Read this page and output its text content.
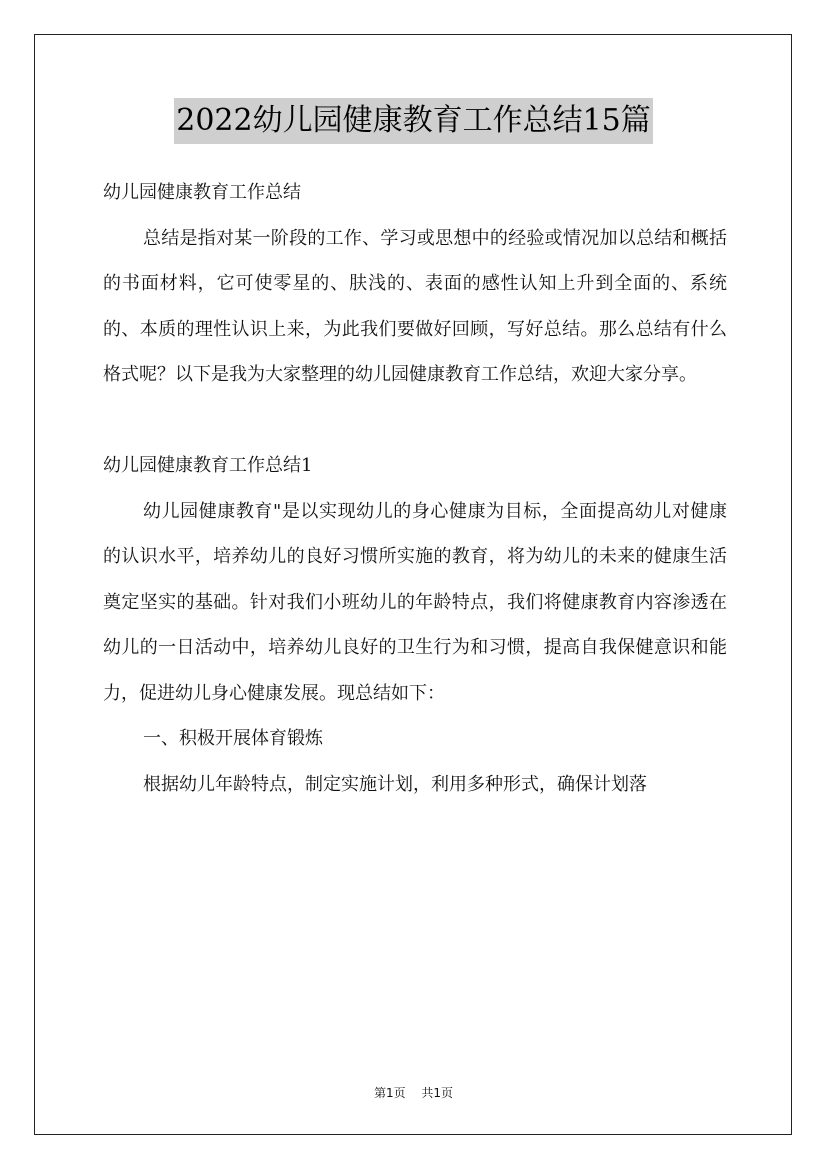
2022幼儿园健康教育工作总结15篇

幼儿园健康教育工作总结

总结是指对某一阶段的工作、学习或思想中的经验或情况加以总结和概括的书面材料，它可使零星的、肤浅的、表面的感性认知上升到全面的、系统的、本质的理性认识上来，为此我们要做好回顾，写好总结。那么总结有什么格式呢？以下是我为大家整理的幼儿园健康教育工作总结，欢迎大家分享。

幼儿园健康教育工作总结1

幼儿园健康教育"是以实现幼儿的身心健康为目标，全面提高幼儿对健康的认识水平，培养幼儿的良好习惯所实施的教育，将为幼儿的未来的健康生活奠定坚实的基础。针对我们小班幼儿的年龄特点，我们将健康教育内容渗透在幼儿的一日活动中，培养幼儿良好的卫生行为和习惯，提高自我保健意识和能力，促进幼儿身心健康发展。现总结如下：

一、积极开展体育锻炼

根据幼儿年龄特点，制定实施计划，利用多种形式，确保计划落

第1页 共1页
